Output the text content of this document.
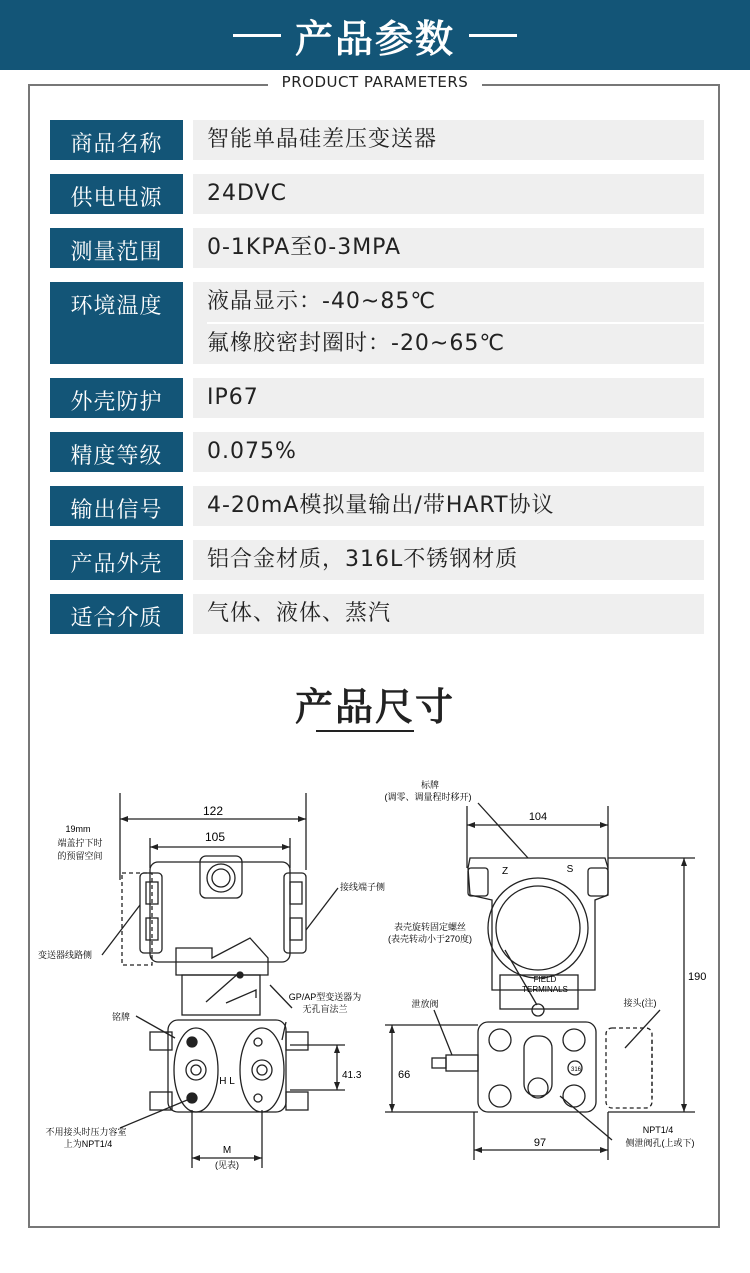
产品参数
PRODUCT PARAMETERS
商品名称	智能单晶硅差压变送器
供电电源	24DVC
测量范围	0-1KPA至0-3MPA
环境温度	液晶显示：-40~85℃
氟橡胶密封圈时：-20~65℃
外壳防护	IP67
精度等级	0.075%
输出信号	4-20mA模拟量输出/带HART协议
产品外壳	铝合金材质，316L不锈钢材质
适合介质	气体、液体、蒸汽
产品尺寸
122
105
19mm
端盖拧下时
的预留空间
接线端子侧
变送器线路侧
GP/AP型变送器为
无孔盲法兰
铭牌
41.3
H L
不用接头时压力容室
上为NPT1/4
M
(见表)
标牌
(调零、调量程时移开)
104
Z	S
表壳旋转固定螺丝
(表壳转动小于270度)
FIELD
TERMINALS
190
泄放阀	接头(注)
66	316
NPT1/4
侧泄阀孔(上或下)
97
